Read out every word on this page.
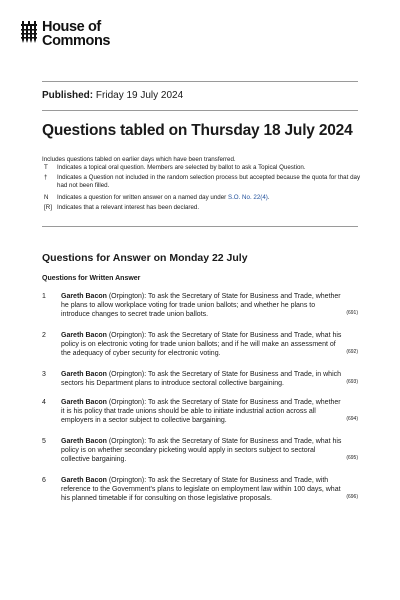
House of
Commons
Published: Friday 19 July 2024
Questions tabled on Thursday 18 July 2024
Includes questions tabled on earlier days which have been transferred.
T	Indicates a topical oral question. Members are selected by ballot to ask a Topical Question.
†	Indicates a Question not included in the random selection process but accepted because the quota for that day had not been filled.
N	Indicates a question for written answer on a named day under S.O. No. 22(4).
[R] Indicates that a relevant interest has been declared.
Questions for Answer on Monday 22 July
Questions for Written Answer
1 Gareth Bacon (Orpington): To ask the Secretary of State for Business and Trade, whether he plans to allow workplace voting for trade union ballots; and whether he plans to introduce changes to secret trade union ballots.	(691)
2 Gareth Bacon (Orpington): To ask the Secretary of State for Business and Trade, what his policy is on electronic voting for trade union ballots; and if he will make an assessment of the adequacy of cyber security for electronic voting.	(692)
3 Gareth Bacon (Orpington): To ask the Secretary of State for Business and Trade, in which sectors his Department plans to introduce sectoral collective bargaining.	(693)
4 Gareth Bacon (Orpington): To ask the Secretary of State for Business and Trade, whether it is his policy that trade unions should be able to initiate industrial action across all employers in a sector subject to collective bargaining.	(694)
5 Gareth Bacon (Orpington): To ask the Secretary of State for Business and Trade, what his policy is on whether secondary picketing would apply in sectors subject to sectoral collective bargaining.	(695)
6 Gareth Bacon (Orpington): To ask the Secretary of State for Business and Trade, with reference to the Government's plans to legislate on employment law within 100 days, what his planned timetable if for consulting on those legislative proposals.	(696)
